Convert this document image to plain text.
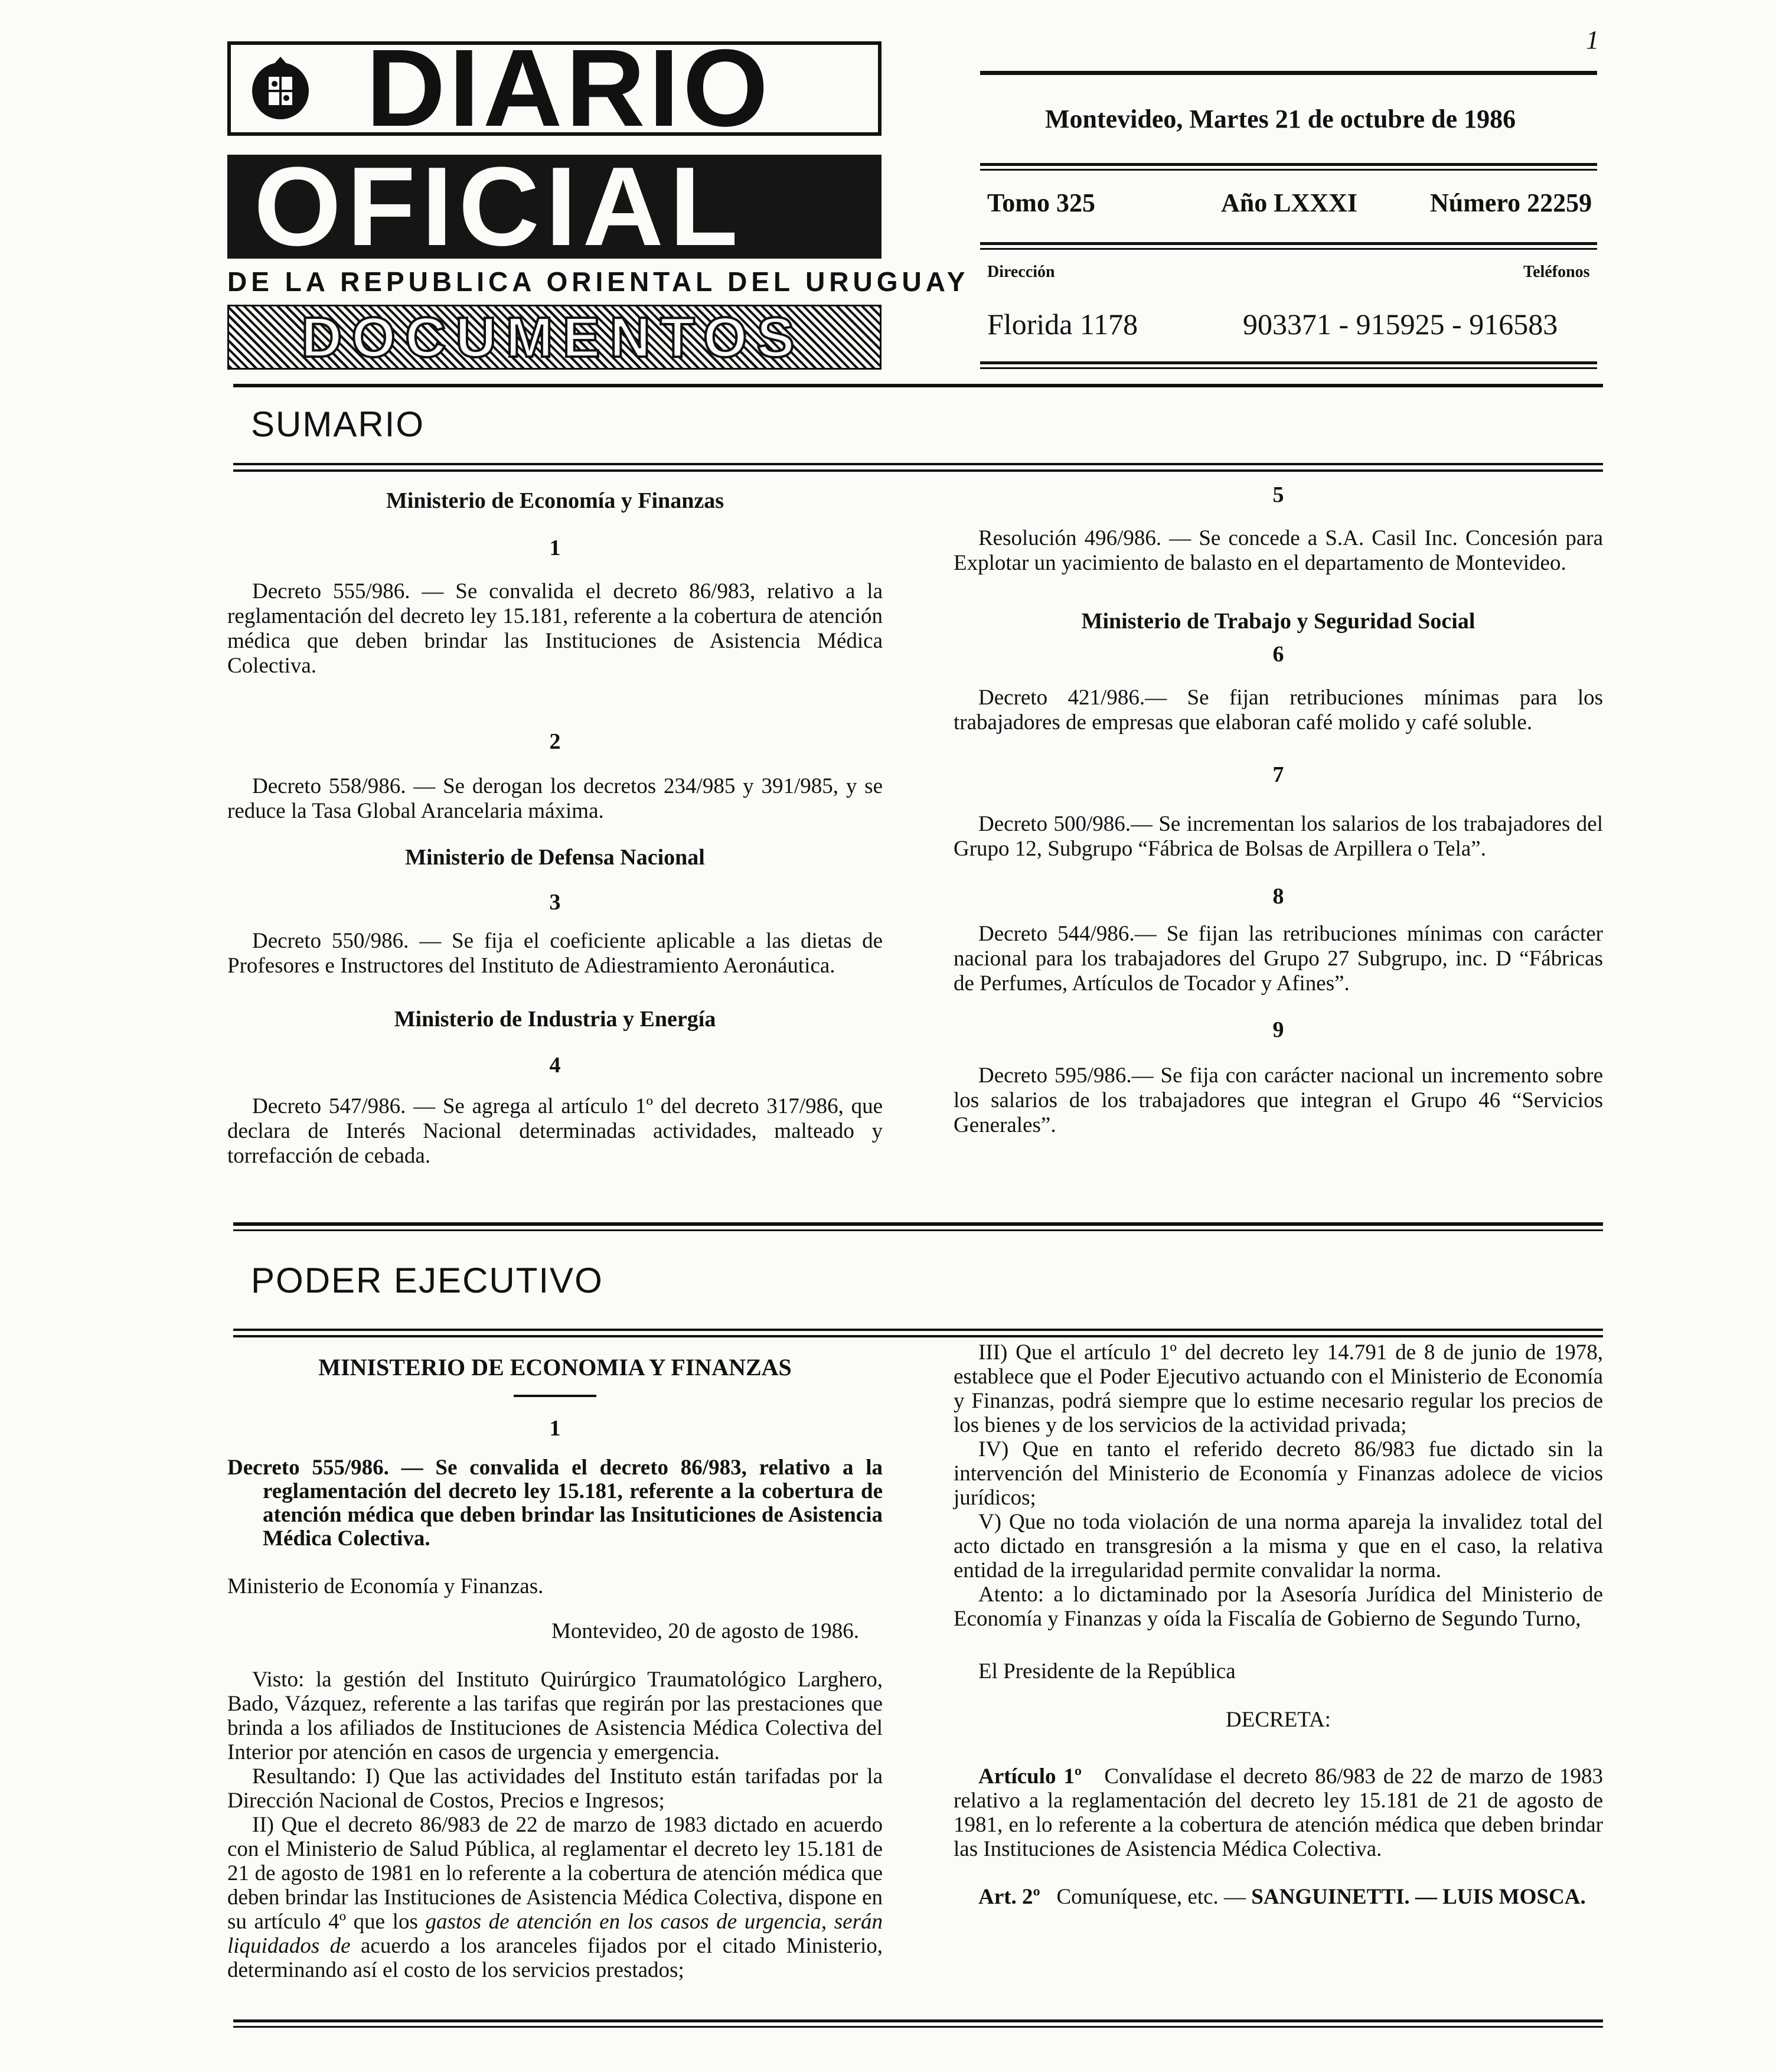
1
DIARIO
OFICIAL
DE LA REPUBLICA ORIENTAL DEL URUGUAY
DOCUMENTOS
Montevideo, Martes 21 de octubre de 1986
Tomo 325	Año LXXXI	Número 22259
Dirección	Teléfonos
Florida 1178	903371 - 915925 - 916583
SUMARIO
Ministerio de Economía y Finanzas
1

Decreto 555/986. — Se convalida el decreto 86/983, relativo a la reglamentación del decreto ley 15.181, referente a la cobertura de atención médica que deben brindar las Instituciones de Asistencia Médica Colectiva.

2

Decreto 558/986. — Se derogan los decretos 234/985 y 391/985, y se reduce la Tasa Global Arancelaria máxima.

Ministerio de Defensa Nacional
3

Decreto 550/986. — Se fija el coeficiente aplicable a las dietas de Profesores e Instructores del Instituto de Adiestramiento Aeronáutica.

Ministerio de Industria y Energía
4

Decreto 547/986. — Se agrega al artículo 1º del decreto 317/986, que declara de Interés Nacional determinadas actividades, malteado y torrefacción de cebada.

5

Resolución 496/986. — Se concede a S.A. Casil Inc. Concesión para Explotar un yacimiento de balasto en el departamento de Montevideo.

Ministerio de Trabajo y Seguridad Social
6

Decreto 421/986.— Se fijan retribuciones mínimas para los trabajadores de empresas que elaboran café molido y café soluble.

7

Decreto 500/986.— Se incrementan los salarios de los trabajadores del Grupo 12, Subgrupo “Fábrica de Bolsas de Arpillera o Tela”.

8

Decreto 544/986.— Se fijan las retribuciones mínimas con carácter nacional para los trabajadores del Grupo 27 Subgrupo, inc. D “Fábricas de Perfumes, Artículos de Tocador y Afines”.

9

Decreto 595/986.— Se fija con carácter nacional un incremento sobre los salarios de los trabajadores que integran el Grupo 46 “Servicios Generales”.

PODER EJECUTIVO
MINISTERIO DE ECONOMIA Y FINANZAS
1

Decreto 555/986. — Se convalida el decreto 86/983, relativo a la reglamentación del decreto ley 15.181, referente a la cobertura de atención médica que deben brindar las Insituticiones de Asistencia Médica Colectiva.

Ministerio de Economía y Finanzas.

Montevideo, 20 de agosto de 1986.

Visto: la gestión del Instituto Quirúrgico Traumatológico Larghero, Bado, Vázquez, referente a las tarifas que regirán por las prestaciones que brinda a los afiliados de Instituciones de Asistencia Médica Colectiva del Interior por atención en casos de urgencia y emergencia.

Resultando: I) Que las actividades del Instituto están tarifadas por la Dirección Nacional de Costos, Precios e Ingresos;

II) Que el decreto 86/983 de 22 de marzo de 1983 dictado en acuerdo con el Ministerio de Salud Pública, al reglamentar el decreto ley 15.181 de 21 de agosto de 1981 en lo referente a la cobertura de atención médica que deben brindar las Instituciones de Asistencia Médica Colectiva, dispone en su artículo 4º que los gastos de atención en los casos de urgencia, serán liquidados de acuerdo a los aranceles fijados por el citado Ministerio, determinando así el costo de los servicios prestados;

III) Que el artículo 1º del decreto ley 14.791 de 8 de junio de 1978, establece que el Poder Ejecutivo actuando con el Ministerio de Economía y Finanzas, podrá siempre que lo estime necesario regular los precios de los bienes y de los servicios de la actividad privada;

IV) Que en tanto el referido decreto 86/983 fue dictado sin la intervención del Ministerio de Economía y Finanzas adolece de vicios jurídicos;

V) Que no toda violación de una norma apareja la invalidez total del acto dictado en transgresión a la misma y que en el caso, la relativa entidad de la irregularidad permite convalidar la norma.

Atento: a lo dictaminado por la Asesoría Jurídica del Ministerio de Economía y Finanzas y oída la Fiscalía de Gobierno de Segundo Turno,

El Presidente de la República

DECRETA:

Artículo 1º Convalídase el decreto 86/983 de 22 de marzo de 1983 relativo a la reglamentación del decreto ley 15.181 de 21 de agosto de 1981, en lo referente a la cobertura de atención médica que deben brindar las Instituciones de Asistencia Médica Colectiva.

Art. 2º Comuníquese, etc. — SANGUINETTI. — LUIS MOSCA.
